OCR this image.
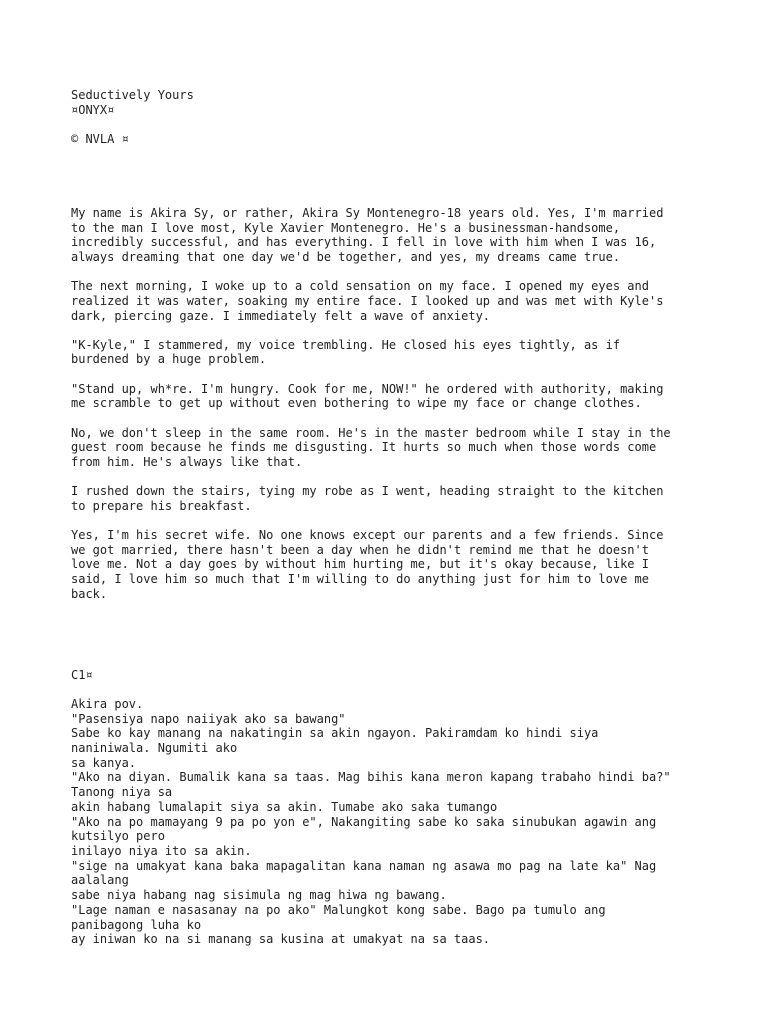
Seductively Yours
¤ONYX¤
© NVLA ¤
My name is Akira Sy, or rather, Akira Sy Montenegro-18 years old. Yes, I'm married
to the man I love most, Kyle Xavier Montenegro. He's a businessman-handsome,
incredibly successful, and has everything. I fell in love with him when I was 16,
always dreaming that one day we'd be together, and yes, my dreams came true.
The next morning, I woke up to a cold sensation on my face. I opened my eyes and
realized it was water, soaking my entire face. I looked up and was met with Kyle's
dark, piercing gaze. I immediately felt a wave of anxiety.
"K-Kyle," I stammered, my voice trembling. He closed his eyes tightly, as if
burdened by a huge problem.
"Stand up, wh*re. I'm hungry. Cook for me, NOW!" he ordered with authority, making
me scramble to get up without even bothering to wipe my face or change clothes.
No, we don't sleep in the same room. He's in the master bedroom while I stay in the
guest room because he finds me disgusting. It hurts so much when those words come
from him. He's always like that.
I rushed down the stairs, tying my robe as I went, heading straight to the kitchen
to prepare his breakfast.
Yes, I'm his secret wife. No one knows except our parents and a few friends. Since
we got married, there hasn't been a day when he didn't remind me that he doesn't
love me. Not a day goes by without him hurting me, but it's okay because, like I
said, I love him so much that I'm willing to do anything just for him to love me
back.
C1¤
Akira pov.
"Pasensiya napo naiiyak ako sa bawang"
Sabe ko kay manang na nakatingin sa akin ngayon. Pakiramdam ko hindi siya
naniniwala. Ngumiti ako
sa kanya.
"Ako na diyan. Bumalik kana sa taas. Mag bihis kana meron kapang trabaho hindi ba?"
Tanong niya sa
akin habang lumalapit siya sa akin. Tumabe ako saka tumango
"Ako na po mamayang 9 pa po yon e", Nakangiting sabe ko saka sinubukan agawin ang
kutsilyo pero
inilayo niya ito sa akin.
"sige na umakyat kana baka mapagalitan kana naman ng asawa mo pag na late ka" Nag
aalalang
sabe niya habang nag sisimula ng mag hiwa ng bawang.
"Lage naman e nasasanay na po ako" Malungkot kong sabe. Bago pa tumulo ang
panibagong luha ko
ay iniwan ko na si manang sa kusina at umakyat na sa taas.
